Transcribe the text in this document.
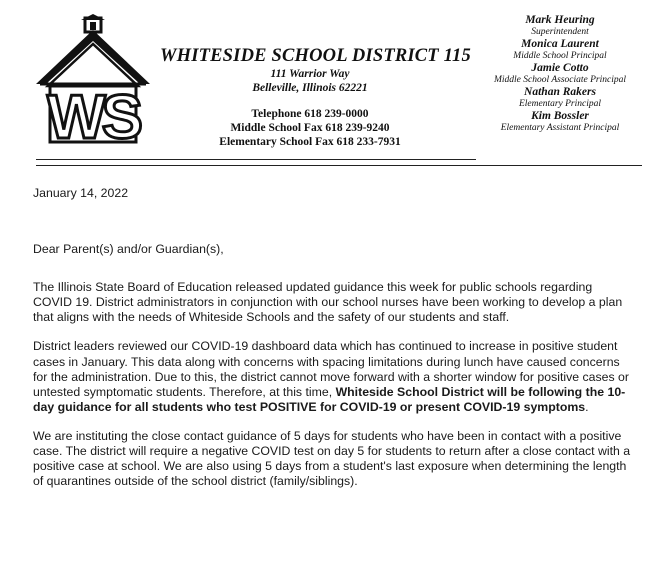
WS
WHITESIDE SCHOOL DISTRICT 115
111 Warrior Way
Belleville, Illinois 62221
Telephone 618 239-0000
Middle School Fax 618 239-9240
Elementary School Fax 618 233-7931
Mark Heuring
Superintendent
Monica Laurent
Middle School Principal
Jamie Cotto
Middle School Associate Principal
Nathan Rakers
Elementary Principal
Kim Bossler
Elementary Assistant Principal

January 14, 2022

Dear Parent(s) and/or Guardian(s),

The Illinois State Board of Education released updated guidance this week for public schools regarding COVID 19. District administrators in conjunction with our school nurses have been working to develop a plan that aligns with the needs of Whiteside Schools and the safety of our students and staff.

District leaders reviewed our COVID-19 dashboard data which has continued to increase in positive student cases in January. This data along with concerns with spacing limitations during lunch have caused concerns for the administration. Due to this, the district cannot move forward with a shorter window for positive cases or untested symptomatic students. Therefore, at this time, Whiteside School District will be following the 10-day guidance for all students who test POSITIVE for COVID-19 or present COVID-19 symptoms.

We are instituting the close contact guidance of 5 days for students who have been in contact with a positive case. The district will require a negative COVID test on day 5 for students to return after a close contact with a positive case at school. We are also using 5 days from a student's last exposure when determining the length of quarantines outside of the school district (family/siblings).
